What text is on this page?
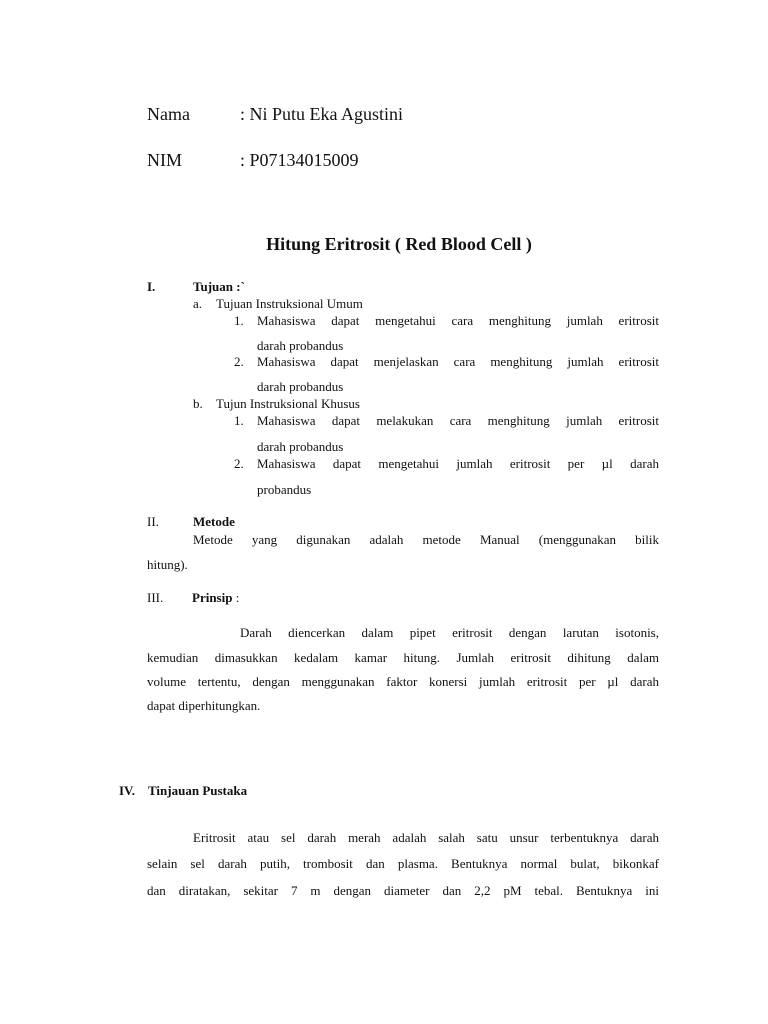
Nama	: Ni Putu Eka Agustini
NIM	: P07134015009
Hitung Eritrosit ( Red Blood Cell )
I.	Tujuan :`
a. Tujuan Instruksional Umum
1. Mahasiswa dapat mengetahui cara menghitung jumlah eritrosit
darah probandus
2. Mahasiswa dapat menjelaskan cara menghitung jumlah eritrosit
darah probandus
b. Tujun Instruksional Khusus
1. Mahasiswa dapat melakukan cara menghitung jumlah eritrosit
darah probandus
2. Mahasiswa dapat mengetahui jumlah eritrosit per µl darah
probandus
II.	Metode
Metode yang digunakan adalah metode Manual (menggunakan bilik
hitung).
III. Prinsip :
Darah diencerkan dalam pipet eritrosit dengan larutan isotonis,
kemudian dimasukkan kedalam kamar hitung. Jumlah eritrosit dihitung dalam
volume tertentu, dengan menggunakan faktor konersi jumlah eritrosit per µl darah
dapat diperhitungkan.
IV. Tinjauan Pustaka
Eritrosit atau sel darah merah adalah salah satu unsur terbentuknya darah
selain sel darah putih, trombosit dan plasma. Bentuknya normal bulat, bikonkaf
dan diratakan, sekitar 7 m dengan diameter dan 2,2 pM tebal. Bentuknya ini
